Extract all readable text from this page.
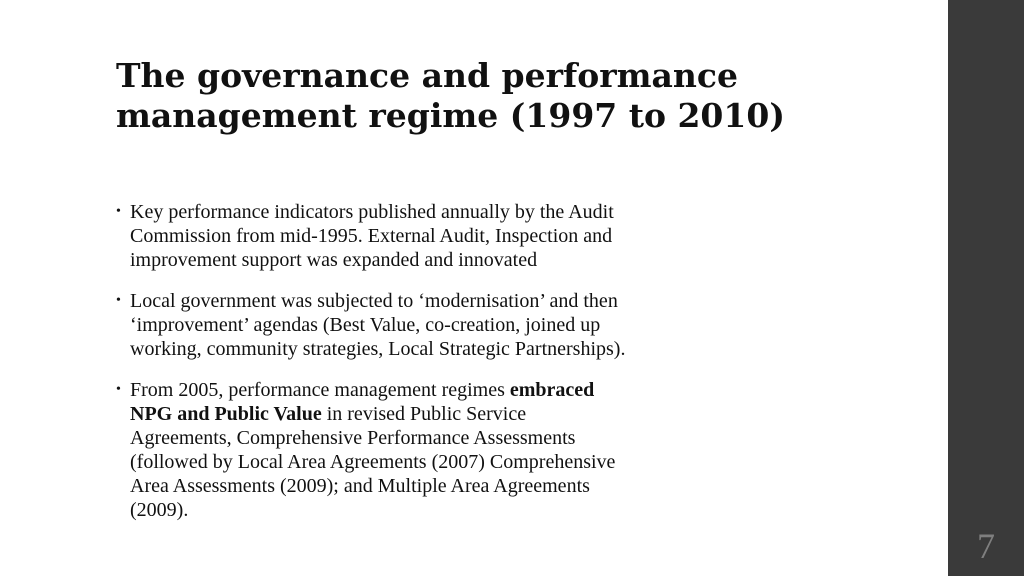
The governance and performance
management regime (1997 to 2010)
• Key performance indicators published annually by the Audit
Commission from mid-1995. External Audit, Inspection and
improvement support was expanded and innovated
• Local government was subjected to ‘modernisation’ and then
‘improvement’ agendas (Best Value, co-creation, joined up
working, community strategies, Local Strategic Partnerships).
• From 2005, performance management regimes embraced
NPG and Public Value in revised Public Service
Agreements, Comprehensive Performance Assessments
(followed by Local Area Agreements (2007) Comprehensive
Area Assessments (2009); and Multiple Area Agreements
(2009).
7
